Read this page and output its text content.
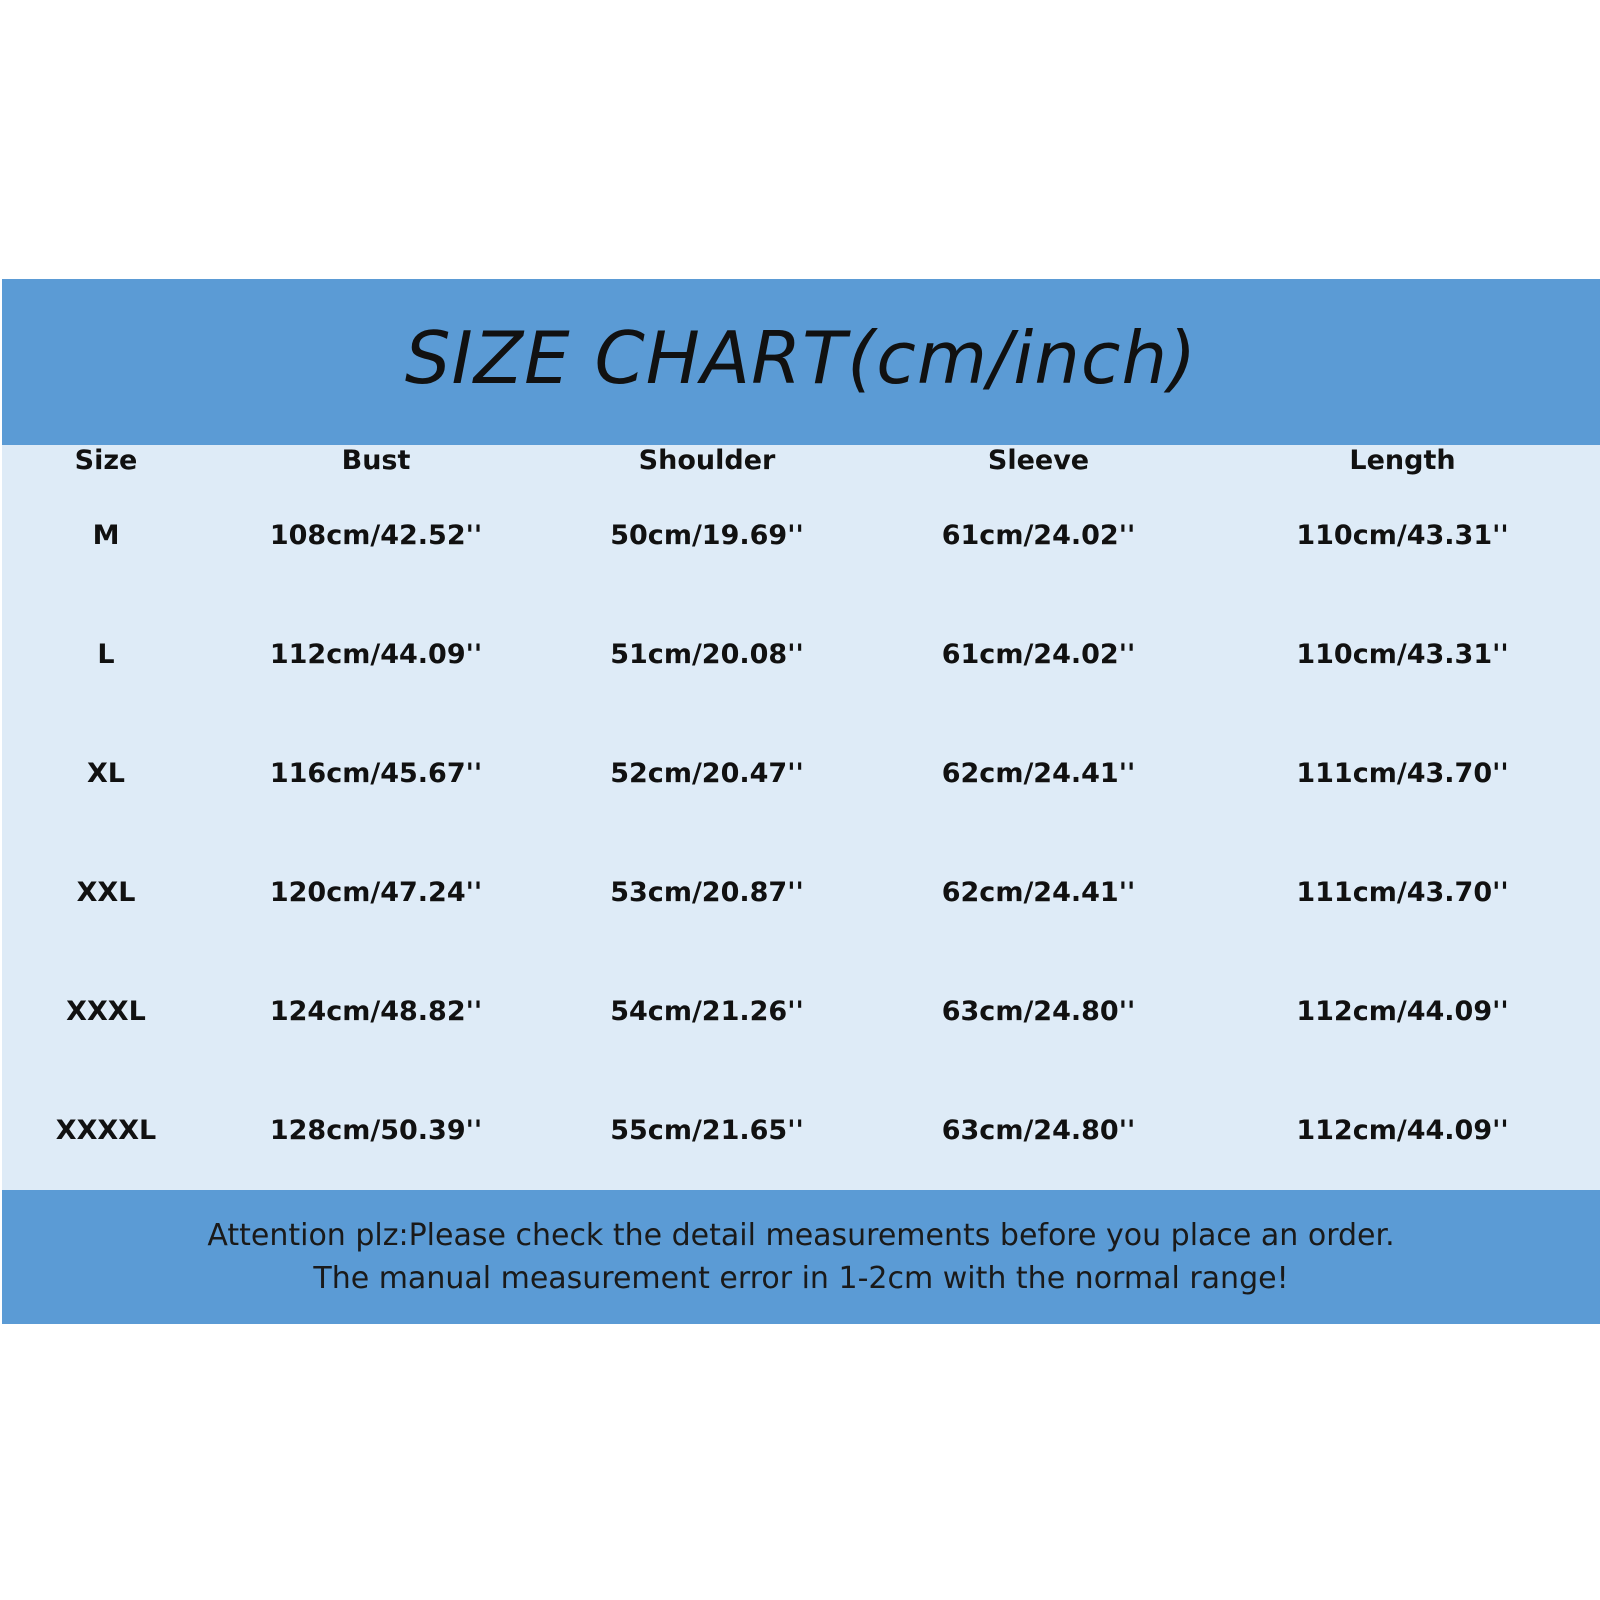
SIZE CHART(cm/inch)
Size	Bust	Shoulder	Sleeve	Length
M	108cm/42.52''	50cm/19.69''	61cm/24.02''	110cm/43.31''
L	112cm/44.09''	51cm/20.08''	61cm/24.02''	110cm/43.31''
XL	116cm/45.67''	52cm/20.47''	62cm/24.41''	111cm/43.70''
XXL	120cm/47.24''	53cm/20.87''	62cm/24.41''	111cm/43.70''
XXXL	124cm/48.82''	54cm/21.26''	63cm/24.80''	112cm/44.09''
XXXXL	128cm/50.39''	55cm/21.65''	63cm/24.80''	112cm/44.09''
Attention plz:Please check the detail measurements before you place an order.
The manual measurement error in 1-2cm with the normal range!
